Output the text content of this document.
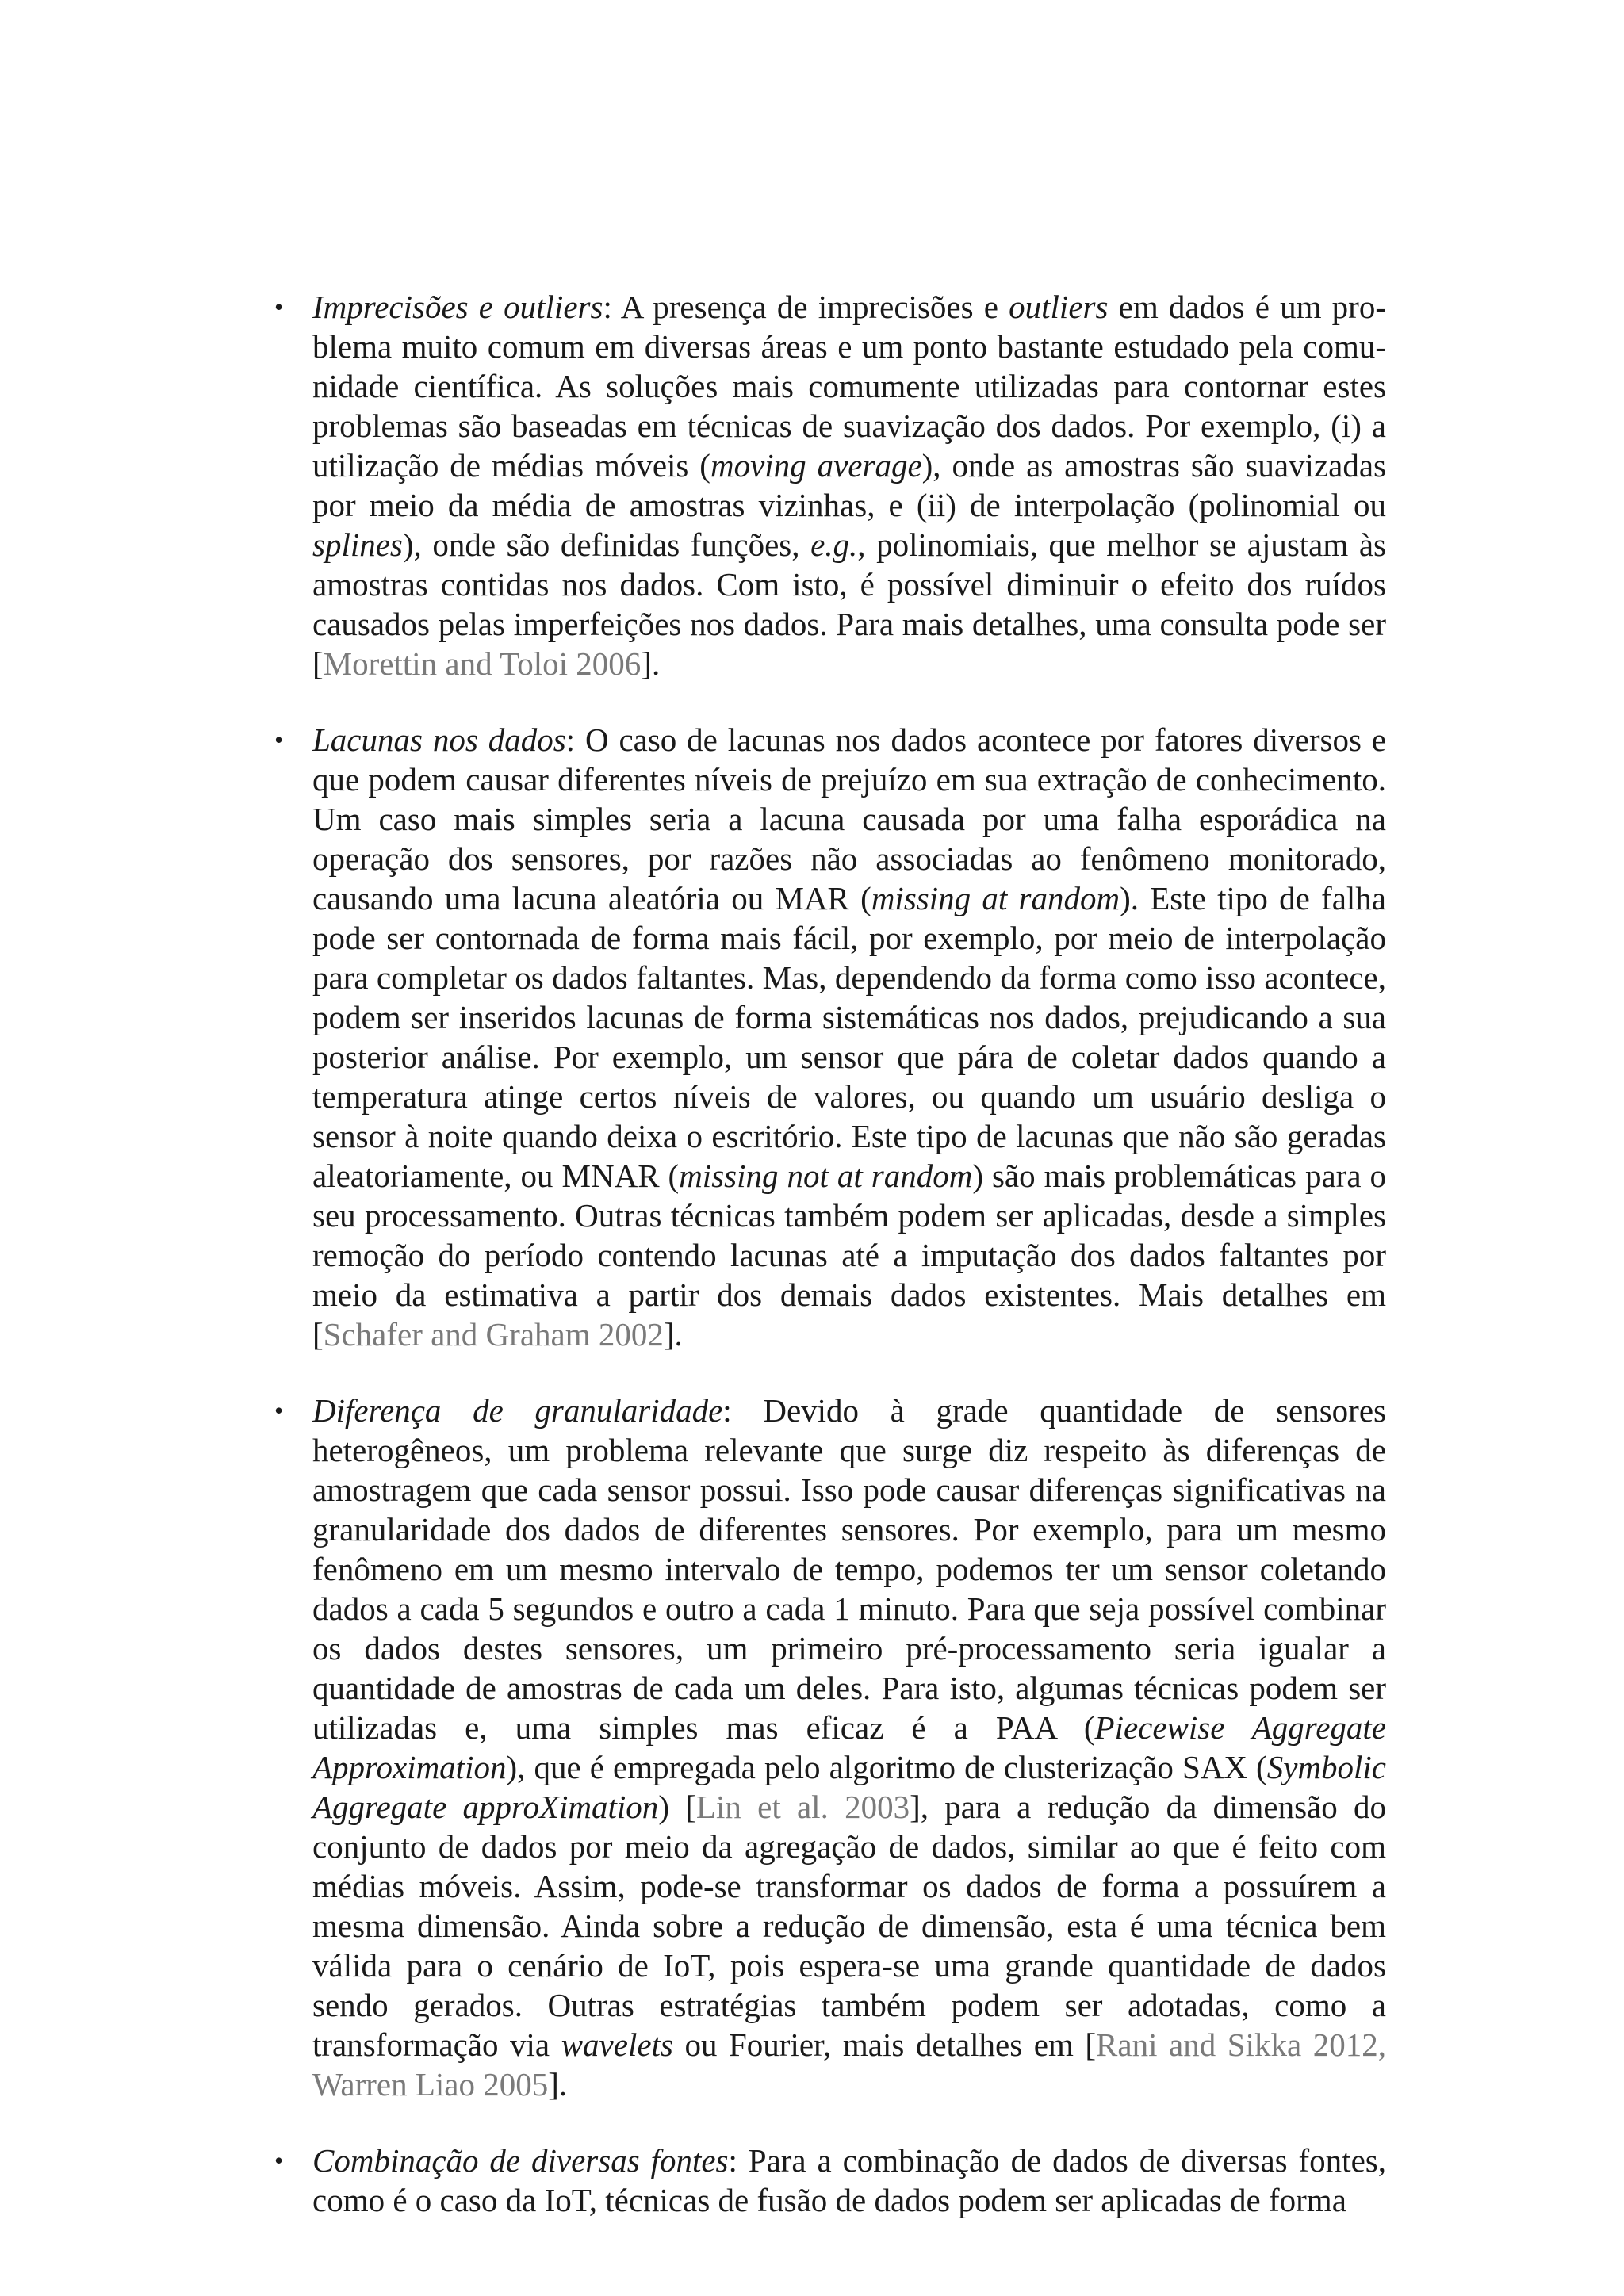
• Imprecisões e outliers: A presença de imprecisões e outliers em dados é um problema muito comum em diversas áreas e um ponto bastante estudado pela comunidade científica. As soluções mais comumente utilizadas para contornar estes problemas são baseadas em técnicas de suavização dos dados. Por exemplo, (i) a utilização de médias móveis (moving average), onde as amostras são suavizadas por meio da média de amostras vizinhas, e (ii) de interpolação (polinomial ou splines), onde são definidas funções, e.g., polinomiais, que melhor se ajustam às amostras contidas nos dados. Com isto, é possível diminuir o efeito dos ruídos causados pelas imperfeições nos dados. Para mais detalhes, uma consulta pode ser [Morettin and Toloi 2006].
• Lacunas nos dados: O caso de lacunas nos dados acontece por fatores diversos e que podem causar diferentes níveis de prejuízo em sua extração de conhecimento. Um caso mais simples seria a lacuna causada por uma falha esporádica na operação dos sensores, por razões não associadas ao fenômeno monitorado, causando uma lacuna aleatória ou MAR (missing at random). Este tipo de falha pode ser contornada de forma mais fácil, por exemplo, por meio de interpolação para completar os dados faltantes. Mas, dependendo da forma como isso acontece, podem ser inseridos lacunas de forma sistemáticas nos dados, prejudicando a sua posterior análise. Por exemplo, um sensor que pára de coletar dados quando a temperatura atinge certos níveis de valores, ou quando um usuário desliga o sensor à noite quando deixa o escritório. Este tipo de lacunas que não são geradas aleatoriamente, ou MNAR (missing not at random) são mais problemáticas para o seu processamento. Outras técnicas também podem ser aplicadas, desde a simples remoção do período contendo lacunas até a imputação dos dados faltantes por meio da estimativa a partir dos demais dados existentes. Mais detalhes em [Schafer and Graham 2002].
• Diferença de granularidade: Devido à grade quantidade de sensores heterogêneos, um problema relevante que surge diz respeito às diferenças de amostragem que cada sensor possui. Isso pode causar diferenças significativas na granularidade dos dados de diferentes sensores. Por exemplo, para um mesmo fenômeno em um mesmo intervalo de tempo, podemos ter um sensor coletando dados a cada 5 segundos e outro a cada 1 minuto. Para que seja possível combinar os dados destes sensores, um primeiro pré-processamento seria igualar a quantidade de amostras de cada um deles. Para isto, algumas técnicas podem ser utilizadas e, uma simples mas eficaz é a PAA (Piecewise Aggregate Approximation), que é empregada pelo algoritmo de clusterização SAX (Symbolic Aggregate approXimation) [Lin et al. 2003], para a redução da dimensão do conjunto de dados por meio da agregação de dados, similar ao que é feito com médias móveis. Assim, pode-se transformar os dados de forma a possuírem a mesma dimensão. Ainda sobre a redução de dimensão, esta é uma técnica bem válida para o cenário de IoT, pois espera-se uma grande quantidade de dados sendo gerados. Outras estratégias também podem ser adotadas, como a transformação via wavelets ou Fourier, mais detalhes em [Rani and Sikka 2012, Warren Liao 2005].
• Combinação de diversas fontes: Para a combinação de dados de diversas fontes, como é o caso da IoT, técnicas de fusão de dados podem ser aplicadas de forma
